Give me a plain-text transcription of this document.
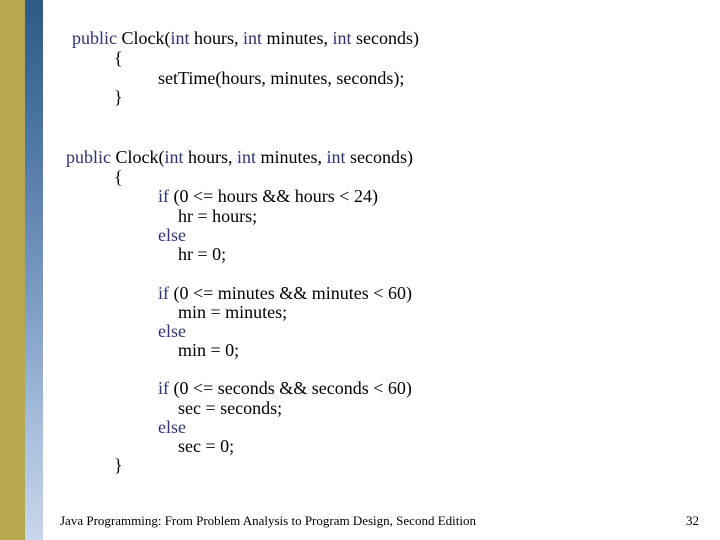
public Clock(int hours, int minutes, int seconds)
{
setTime(hours, minutes, seconds);
}
public Clock(int hours, int minutes, int seconds)
{
if (0 <= hours && hours < 24)
hr = hours;
else
hr = 0;
if (0 <= minutes && minutes < 60)
min = minutes;
else
min = 0;
if (0 <= seconds && seconds < 60)
sec = seconds;
else
sec = 0;
}
Java Programming: From Problem Analysis to Program Design, Second Edition	32
